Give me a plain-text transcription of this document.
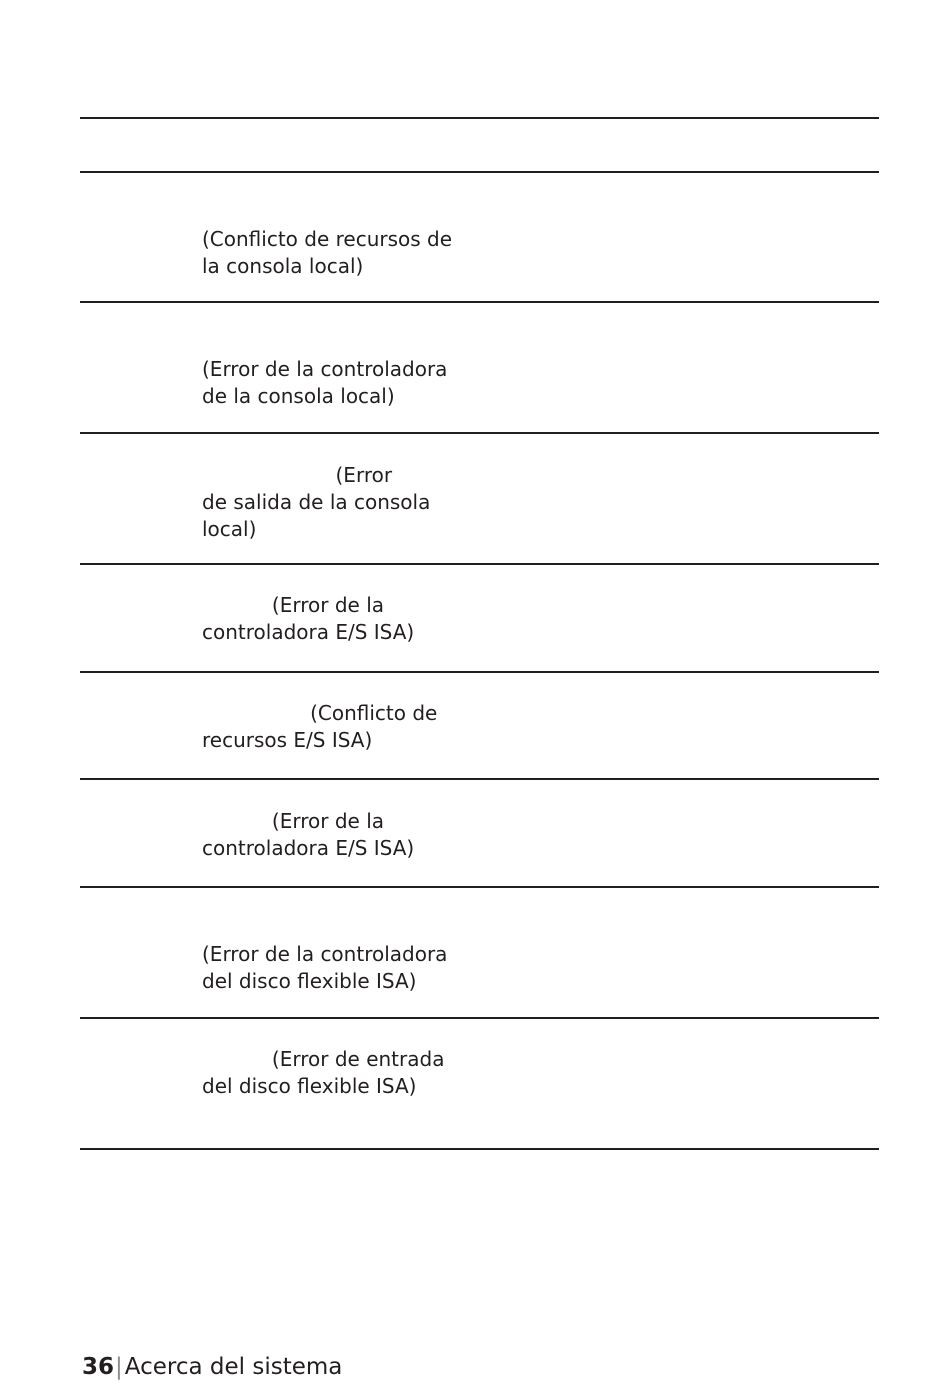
(Conflicto de recursos de
la consola local)
(Error de la controladora
de la consola local)
(Error
de salida de la consola
local)
(Error de la
controladora E/S ISA)
(Conflicto de
recursos E/S ISA)
(Error de la
controladora E/S ISA)
(Error de la controladora
del disco flexible ISA)
(Error de entrada
del disco flexible ISA)
36|Acerca del sistema
